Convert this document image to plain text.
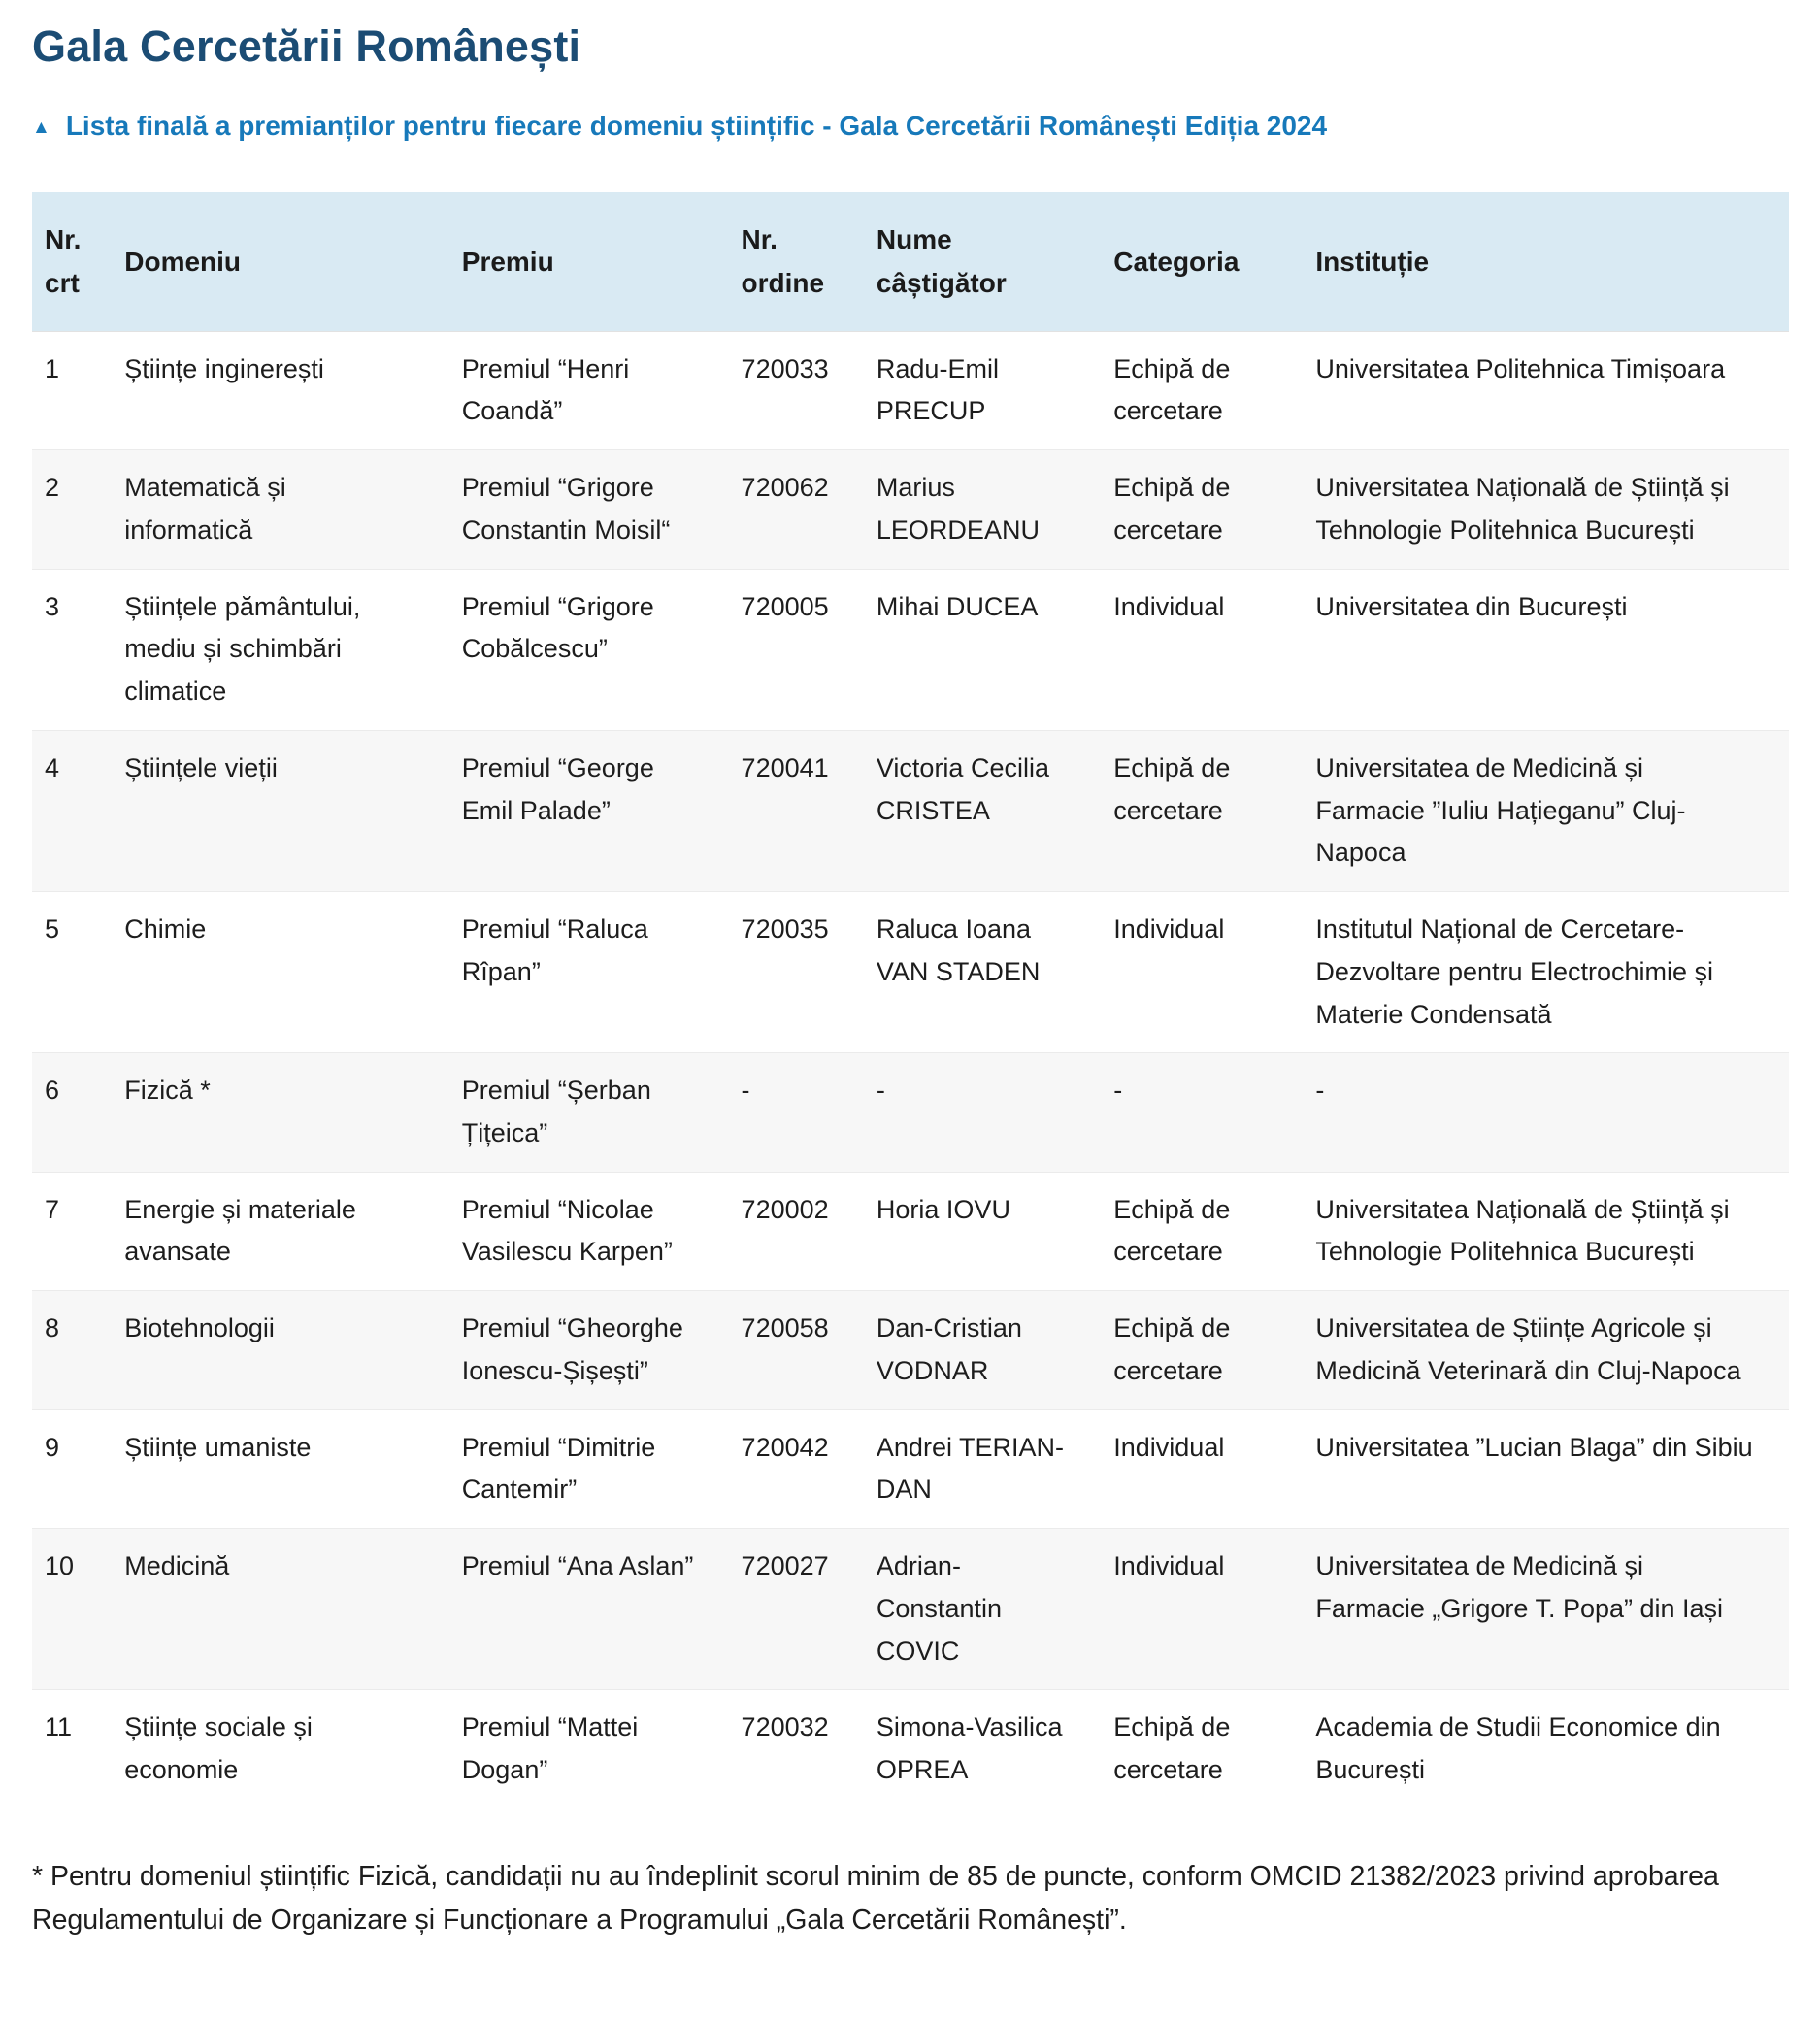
Gala Cercetării Românești
▲ Lista finală a premianților pentru fiecare domeniu științific - Gala Cercetării Românești Ediția 2024
Nr. crt	Domeniu	Premiu	Nr. ordine	Nume câștigător	Categoria	Instituție
1	Științe inginerești	Premiul “Henri Coandă”	720033	Radu-Emil PRECUP	Echipă de cercetare	Universitatea Politehnica Timișoara
2	Matematică și informatică	Premiul “Grigore Constantin Moisil“	720062	Marius LEORDEANU	Echipă de cercetare	Universitatea Națională de Știință și Tehnologie Politehnica București
3	Științele pământului, mediu și schimbări climatice	Premiul “Grigore Cobălcescu”	720005	Mihai DUCEA	Individual	Universitatea din București
4	Științele vieții	Premiul “George Emil Palade”	720041	Victoria Cecilia CRISTEA	Echipă de cercetare	Universitatea de Medicină și Farmacie ”Iuliu Hațieganu” Cluj-Napoca
5	Chimie	Premiul “Raluca Rîpan”	720035	Raluca Ioana VAN STADEN	Individual	Institutul Național de Cercetare-Dezvoltare pentru Electrochimie și Materie Condensată
6	Fizică *	Premiul “Șerban Țițeica”	-	-	-	-
7	Energie și materiale avansate	Premiul “Nicolae Vasilescu Karpen”	720002	Horia IOVU	Echipă de cercetare	Universitatea Națională de Știință și Tehnologie Politehnica București
8	Biotehnologii	Premiul “Gheorghe Ionescu-Șișești”	720058	Dan-Cristian VODNAR	Echipă de cercetare	Universitatea de Științe Agricole și Medicină Veterinară din Cluj-Napoca
9	Științe umaniste	Premiul “Dimitrie Cantemir”	720042	Andrei TERIAN-DAN	Individual	Universitatea ”Lucian Blaga” din Sibiu
10	Medicină	Premiul “Ana Aslan”	720027	Adrian-Constantin COVIC	Individual	Universitatea de Medicină și Farmacie „Grigore T. Popa” din Iași
11	Științe sociale și economie	Premiul “Mattei Dogan”	720032	Simona-Vasilica OPREA	Echipă de cercetare	Academia de Studii Economice din București

* Pentru domeniul științific Fizică, candidații nu au îndeplinit scorul minim de 85 de puncte, conform OMCID 21382/2023 privind aprobarea Regulamentului de Organizare și Funcționare a Programului „Gala Cercetării Românești”.
